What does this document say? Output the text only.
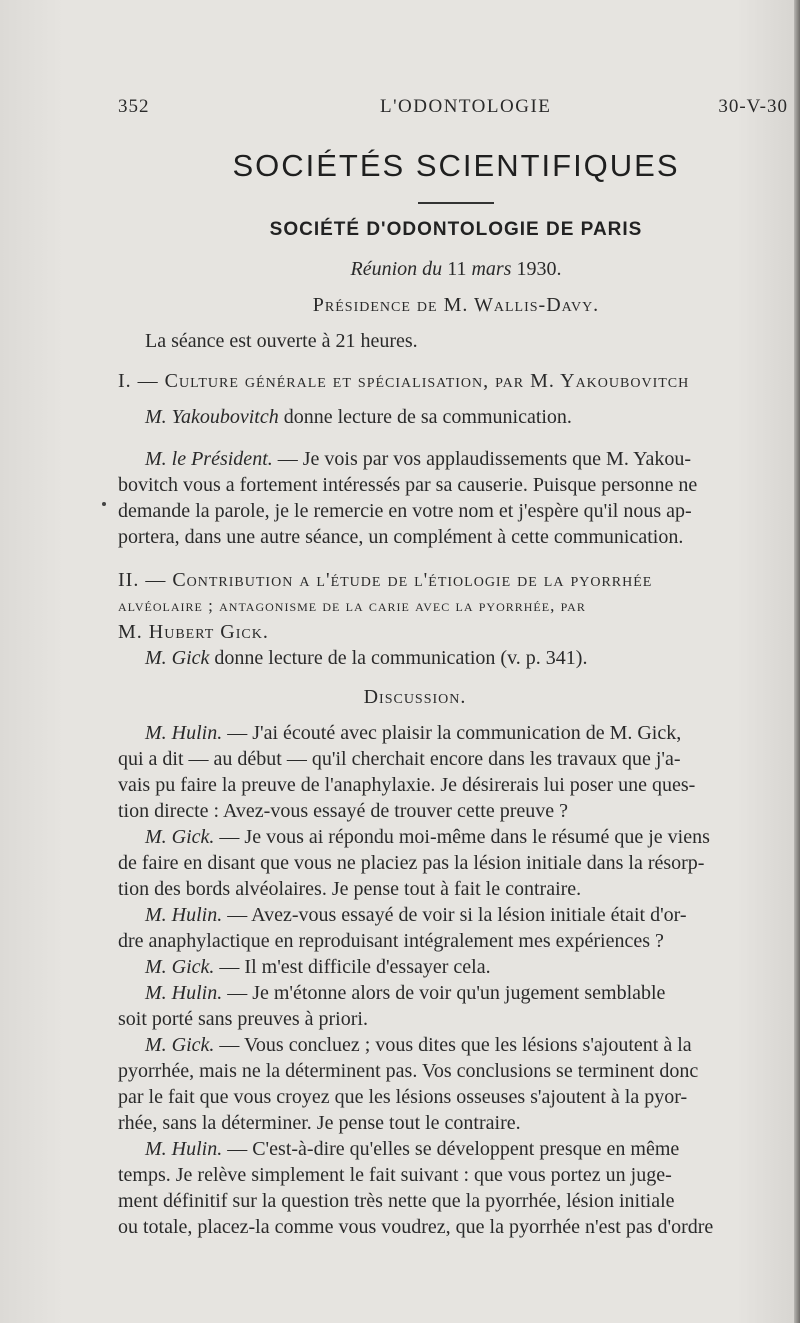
352	L'ODONTOLOGIE	30-V-30
SOCIÉTÉS SCIENTIFIQUES
SOCIÉTÉ D'ODONTOLOGIE DE PARIS
Réunion du 11 mars 1930.
Présidence de M. Wallis-Davy.
La séance est ouverte à 21 heures.
I. — Culture générale et spécialisation, par M. Yakoubovitch
M. Yakoubovitch donne lecture de sa communication.
M. le Président. — Je vois par vos applaudissements que M. Yakou-
bovitch vous a fortement intéressés par sa causerie. Puisque personne ne
demande la parole, je le remercie en votre nom et j'espère qu'il nous ap-
portera, dans une autre séance, un complément à cette communication.
II. — Contribution a l'étude de l'étiologie de la pyorrhée
alvéolaire ; antagonisme de la carie avec la pyorrhée, par
M. Hubert Gick.
M. Gick donne lecture de la communication (v. p. 341).
Discussion.
M. Hulin. — J'ai écouté avec plaisir la communication de M. Gick,
qui a dit — au début — qu'il cherchait encore dans les travaux que j'a-
vais pu faire la preuve de l'anaphylaxie. Je désirerais lui poser une ques-
tion directe : Avez-vous essayé de trouver cette preuve ?
M. Gick. — Je vous ai répondu moi-même dans le résumé que je viens
de faire en disant que vous ne placiez pas la lésion initiale dans la résorp-
tion des bords alvéolaires. Je pense tout à fait le contraire.
M. Hulin. — Avez-vous essayé de voir si la lésion initiale était d'or-
dre anaphylactique en reproduisant intégralement mes expériences ?
M. Gick. — Il m'est difficile d'essayer cela.
M. Hulin. — Je m'étonne alors de voir qu'un jugement semblable
soit porté sans preuves à priori.
M. Gick. — Vous concluez ; vous dites que les lésions s'ajoutent à la
pyorrhée, mais ne la déterminent pas. Vos conclusions se terminent donc
par le fait que vous croyez que les lésions osseuses s'ajoutent à la pyor-
rhée, sans la déterminer. Je pense tout le contraire.
M. Hulin. — C'est-à-dire qu'elles se développent presque en même
temps. Je relève simplement le fait suivant : que vous portez un juge-
ment définitif sur la question très nette que la pyorrhée, lésion initiale
ou totale, placez-la comme vous voudrez, que la pyorrhée n'est pas d'ordre
